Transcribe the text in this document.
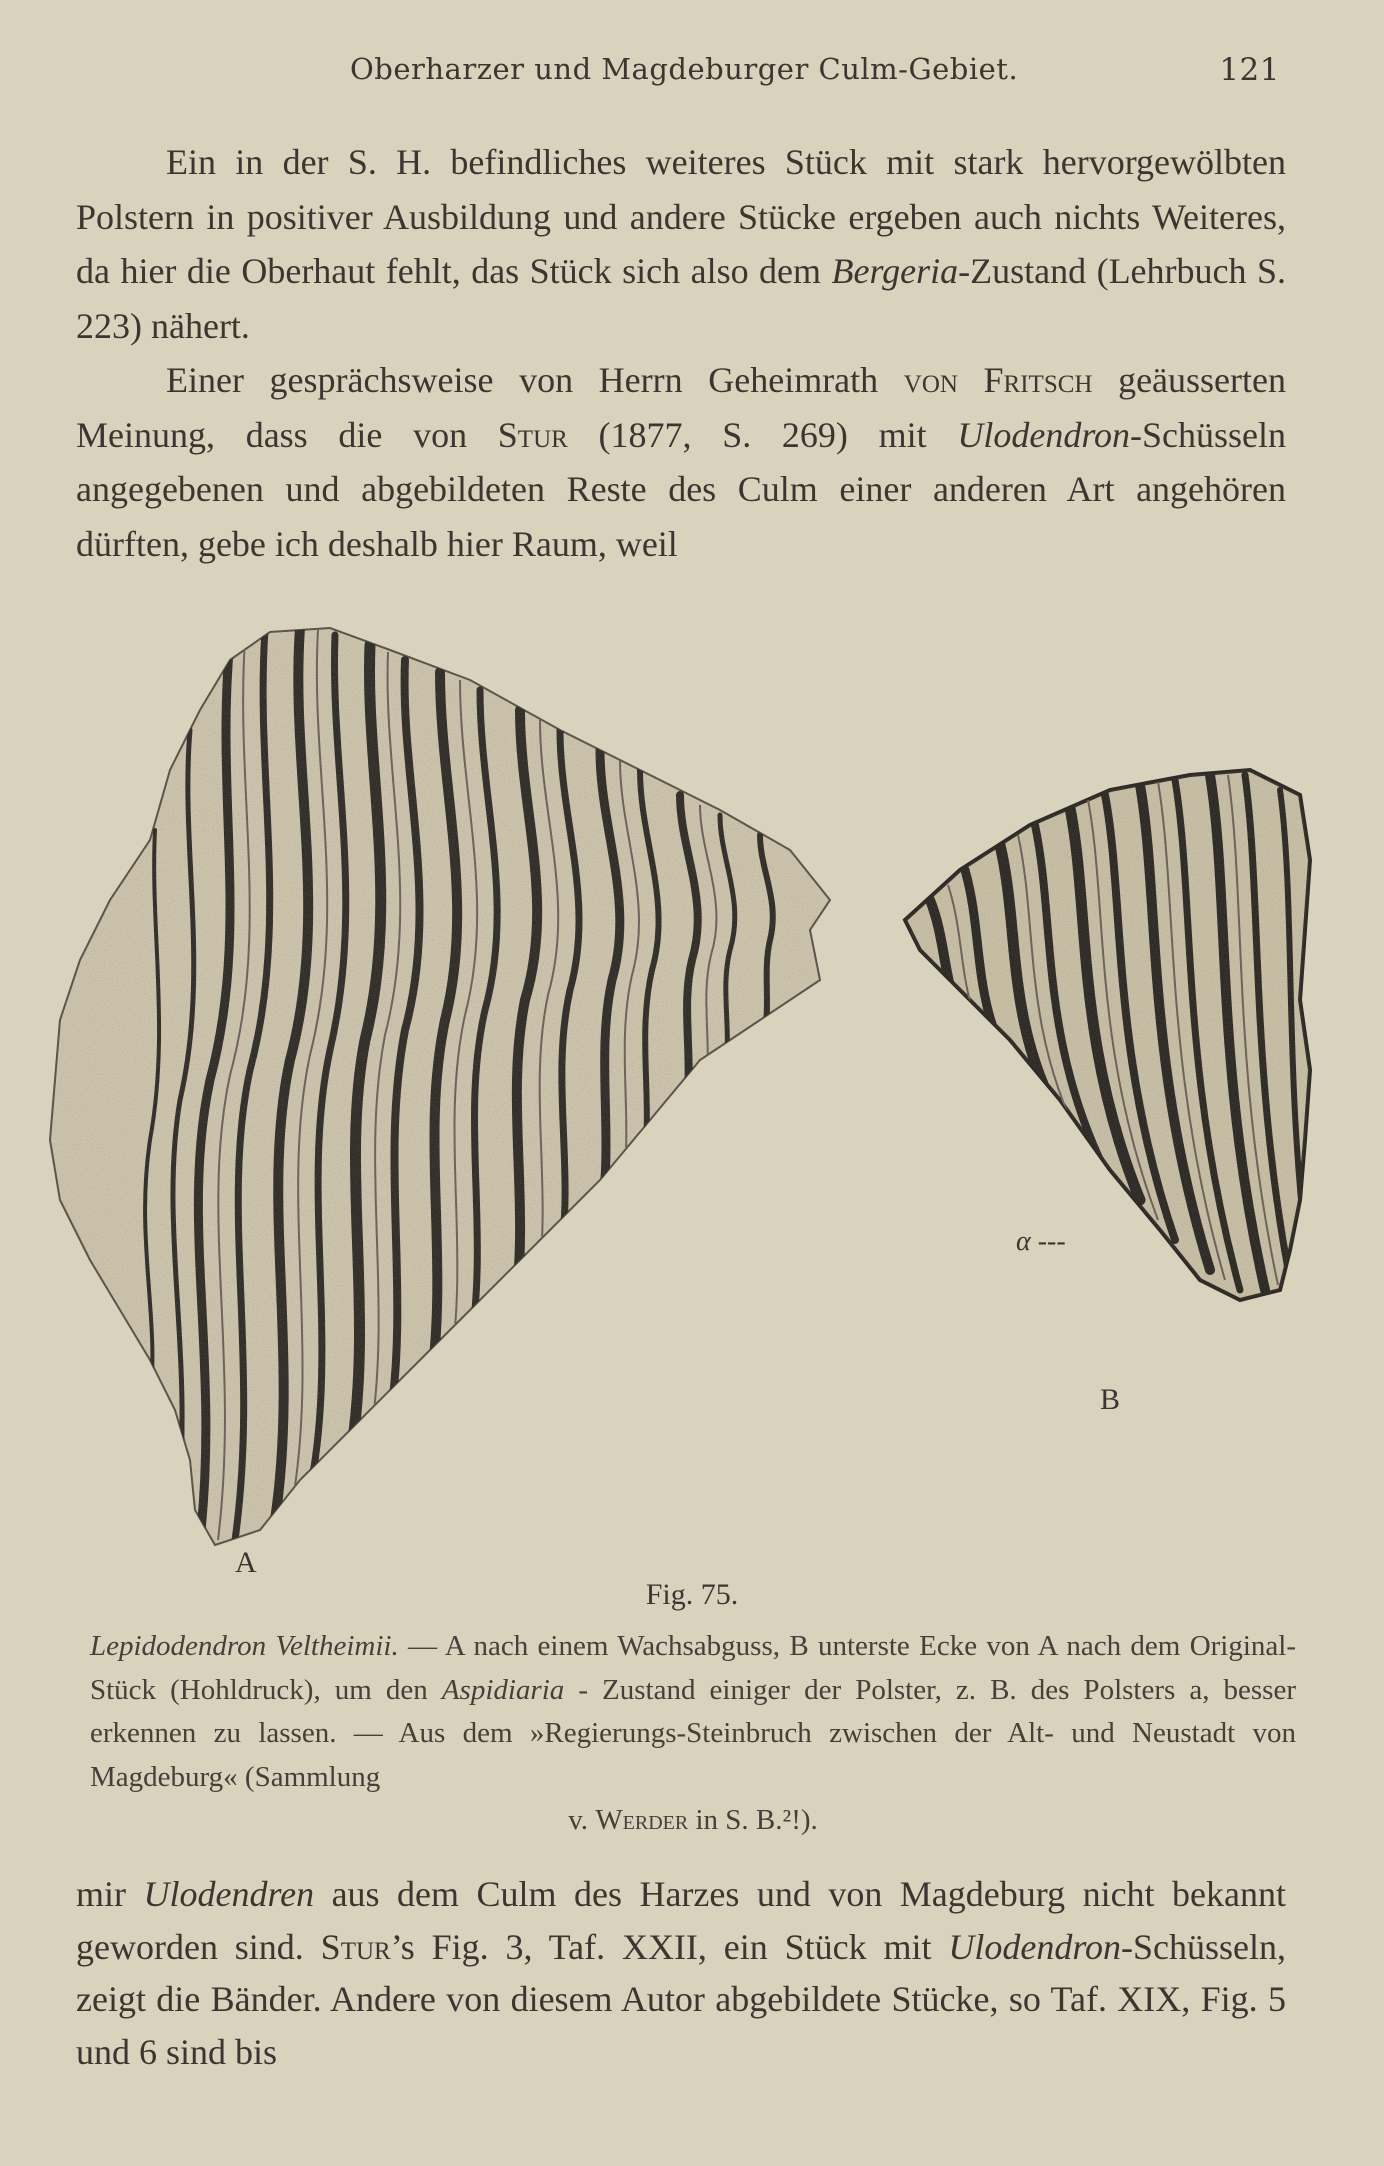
Oberharzer und Magdeburger Culm-Gebiet.	121

Ein in der S. H. befindliches weiteres Stück mit stark hervorgewölbten Polstern in positiver Ausbildung und andere Stücke ergeben auch nichts Weiteres, da hier die Oberhaut fehlt, das Stück sich also dem Bergeria-Zustand (Lehrbuch S. 223) nähert.

Einer gesprächsweise von Herrn Geheimrath von Fritsch geäusserten Meinung, dass die von Stur (1877, S. 269) mit Ulodendron-Schüsseln angegebenen und abgebildeten Reste des Culm einer anderen Art angehören dürften, gebe ich deshalb hier Raum, weil

A
B
α ---
Fig. 75.

Lepidodendron Veltheimii. — A nach einem Wachsabguss, B unterste Ecke von A nach dem Original-Stück (Hohldruck), um den Aspidiaria - Zustand einiger der Polster, z. B. des Polsters a, besser erkennen zu lassen. — Aus dem »Regierungs-Steinbruch zwischen der Alt- und Neustadt von Magdeburg« (Sammlung

v. Werder in S. B.²!).

mir Ulodendren aus dem Culm des Harzes und von Magdeburg nicht bekannt geworden sind. Stur’s Fig. 3, Taf. XXII, ein Stück mit Ulodendron-Schüsseln, zeigt die Bänder. Andere von diesem Autor abgebildete Stücke, so Taf. XIX, Fig. 5 und 6 sind bis
